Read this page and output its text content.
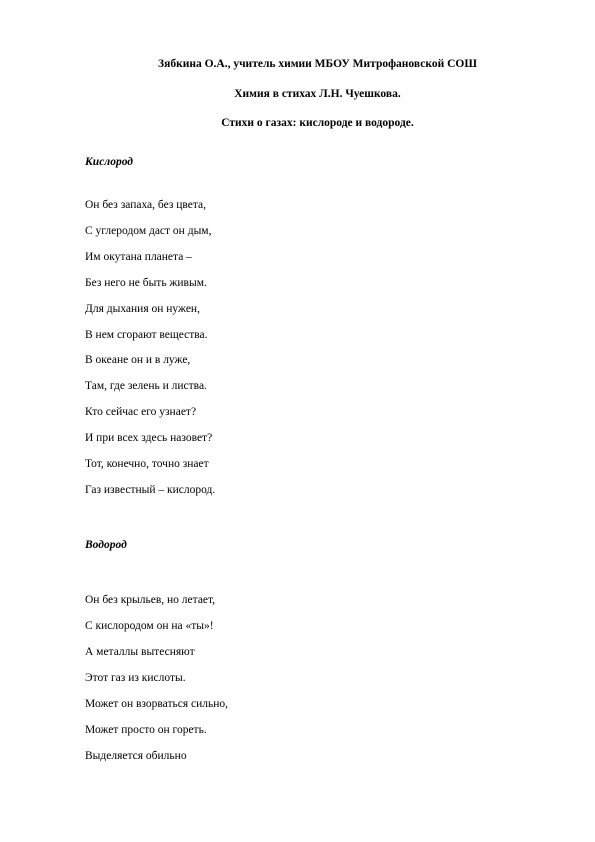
Зябкина О.А., учитель химии МБОУ Митрофановской СОШ
Химия в стихах Л.Н. Чуешкова.
Стихи о газах: кислороде и водороде.
Кислород
Он без запаха, без цвета,
С углеродом даст он дым,
Им окутана планета –
Без него не быть живым.
Для дыхания он нужен,
В нем сгорают вещества.
В океане он и в луже,
Там, где зелень и листва.
Кто сейчас его узнает?
И при всех здесь назовет?
Тот, конечно, точно знает
Газ известный – кислород.
Водород
Он без крыльев, но летает,
С кислородом он на «ты»!
А металлы вытесняют
Этот газ из кислоты.
Может он взорваться сильно,
Может просто он гореть.
Выделяется обильно
